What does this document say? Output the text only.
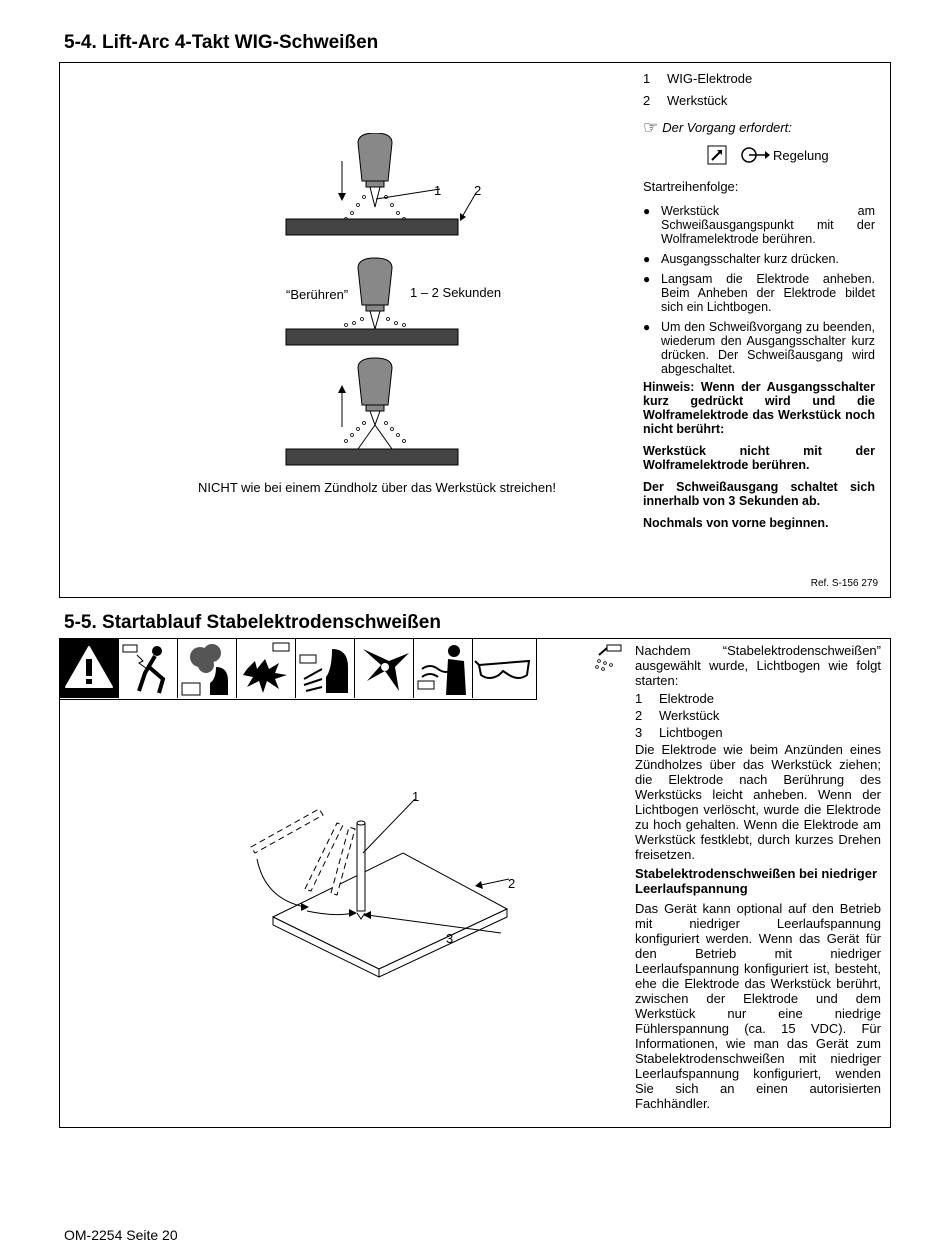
5-4. Lift-Arc 4-Takt WIG-Schweißen
1	2
“Berühren”	1 – 2 Sekunden
NICHT wie bei einem Zündholz über das Werkstück streichen!
1	WIG-Elektrode
2	Werkstück
☞ Der Vorgang erfordert:
Regelung
Startreihenfolge:
● Werkstück am Schweißausgangspunkt mit der Wolframelektrode berühren.
● Ausgangsschalter kurz drücken.
● Langsam die Elektrode anheben. Beim Anheben der Elektrode bildet sich ein Lichtbogen.
● Um den Schweißvorgang zu beenden, wiederum den Ausgangsschalter kurz drücken. Der Schweißausgang wird abgeschaltet.
Hinweis: Wenn der Ausgangsschalter kurz gedrückt wird und die Wolframelektrode das Werkstück noch nicht berührt:
Werkstück nicht mit der Wolframelektrode berühren.
Der Schweißausgang schaltet sich innerhalb von 3 Sekunden ab.
Nochmals von vorne beginnen.
Ref. S-156 279
5-5. Startablauf Stabelektrodenschweißen
1
2
3
Nachdem “Stabelektrodenschweißen” ausgewählt wurde, Lichtbogen wie folgt starten:
1	Elektrode
2	Werkstück
3	Lichtbogen
Die Elektrode wie beim Anzünden eines Zündholzes über das Werkstück ziehen; die Elektrode nach Berührung des Werkstücks leicht anheben. Wenn der Lichtbogen verlöscht, wurde die Elektrode zu hoch gehalten. Wenn die Elektrode am Werkstück festklebt, durch kurzes Drehen freisetzen.
Stabelektrodenschweißen bei niedriger Leerlaufspannung
Das Gerät kann optional auf den Betrieb mit niedriger Leerlaufspannung konfiguriert werden. Wenn das Gerät für den Betrieb mit niedriger Leerlaufspannung konfiguriert ist, besteht, ehe die Elektrode das Werkstück berührt, zwischen der Elektrode und dem Werkstück nur eine niedrige Fühlerspannung (ca. 15 VDC). Für Informationen, wie man das Gerät zum Stabelektrodenschweißen mit niedriger Leerlaufspannung konfiguriert, wenden Sie sich an einen autorisierten Fachhändler.
OM-2254 Seite 20
